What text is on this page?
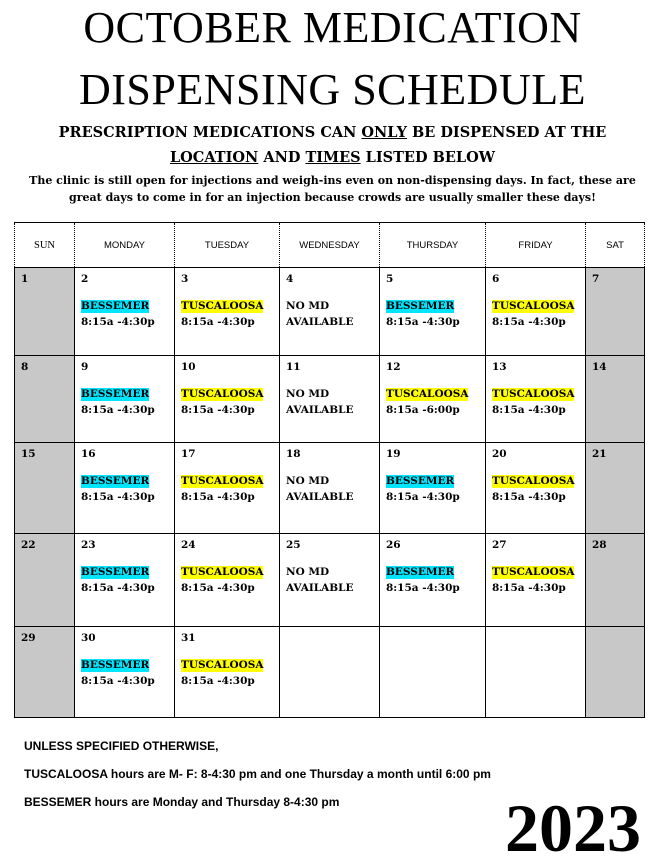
OCTOBER MEDICATION
DISPENSING SCHEDULE
PRESCRIPTION MEDICATIONS CAN ONLY BE DISPENSED AT THE
LOCATION AND TIMES LISTED BELOW
The clinic is still open for injections and weigh-ins even on non-dispensing days. In fact, these are great days to come in for an injection because crowds are usually smaller these days!
SUN	MONDAY	TUESDAY	WEDNESDAY	THURSDAY	FRIDAY	SAT

1	2
BESSEMER
8:15a -4:30p	3
TUSCALOOSA
8:15a -4:30p	4
NO MD
AVAILABLE	5
BESSEMER
8:15a -4:30p	6
TUSCALOOSA
8:15a -4:30p	7

8	9
BESSEMER
8:15a -4:30p	10
TUSCALOOSA
8:15a -4:30p	11
NO MD
AVAILABLE	12
TUSCALOOSA
8:15a -6:00p	13
TUSCALOOSA
8:15a -4:30p	14

15	16
BESSEMER
8:15a -4:30p	17
TUSCALOOSA
8:15a -4:30p	18
NO MD
AVAILABLE	19
BESSEMER
8:15a -4:30p	20
TUSCALOOSA
8:15a -4:30p	21

22	23
BESSEMER
8:15a -4:30p	24
TUSCALOOSA
8:15a -4:30p	25
NO MD
AVAILABLE	26
BESSEMER
8:15a -4:30p	27
TUSCALOOSA
8:15a -4:30p	28

29	30
BESSEMER
8:15a -4:30p	31
TUSCALOOSA
8:15a -4:30p				

UNLESS SPECIFIED OTHERWISE,
TUSCALOOSA hours are M- F: 8-4:30 pm and one Thursday a month until 6:00 pm
BESSEMER hours are Monday and Thursday 8-4:30 pm 2023
